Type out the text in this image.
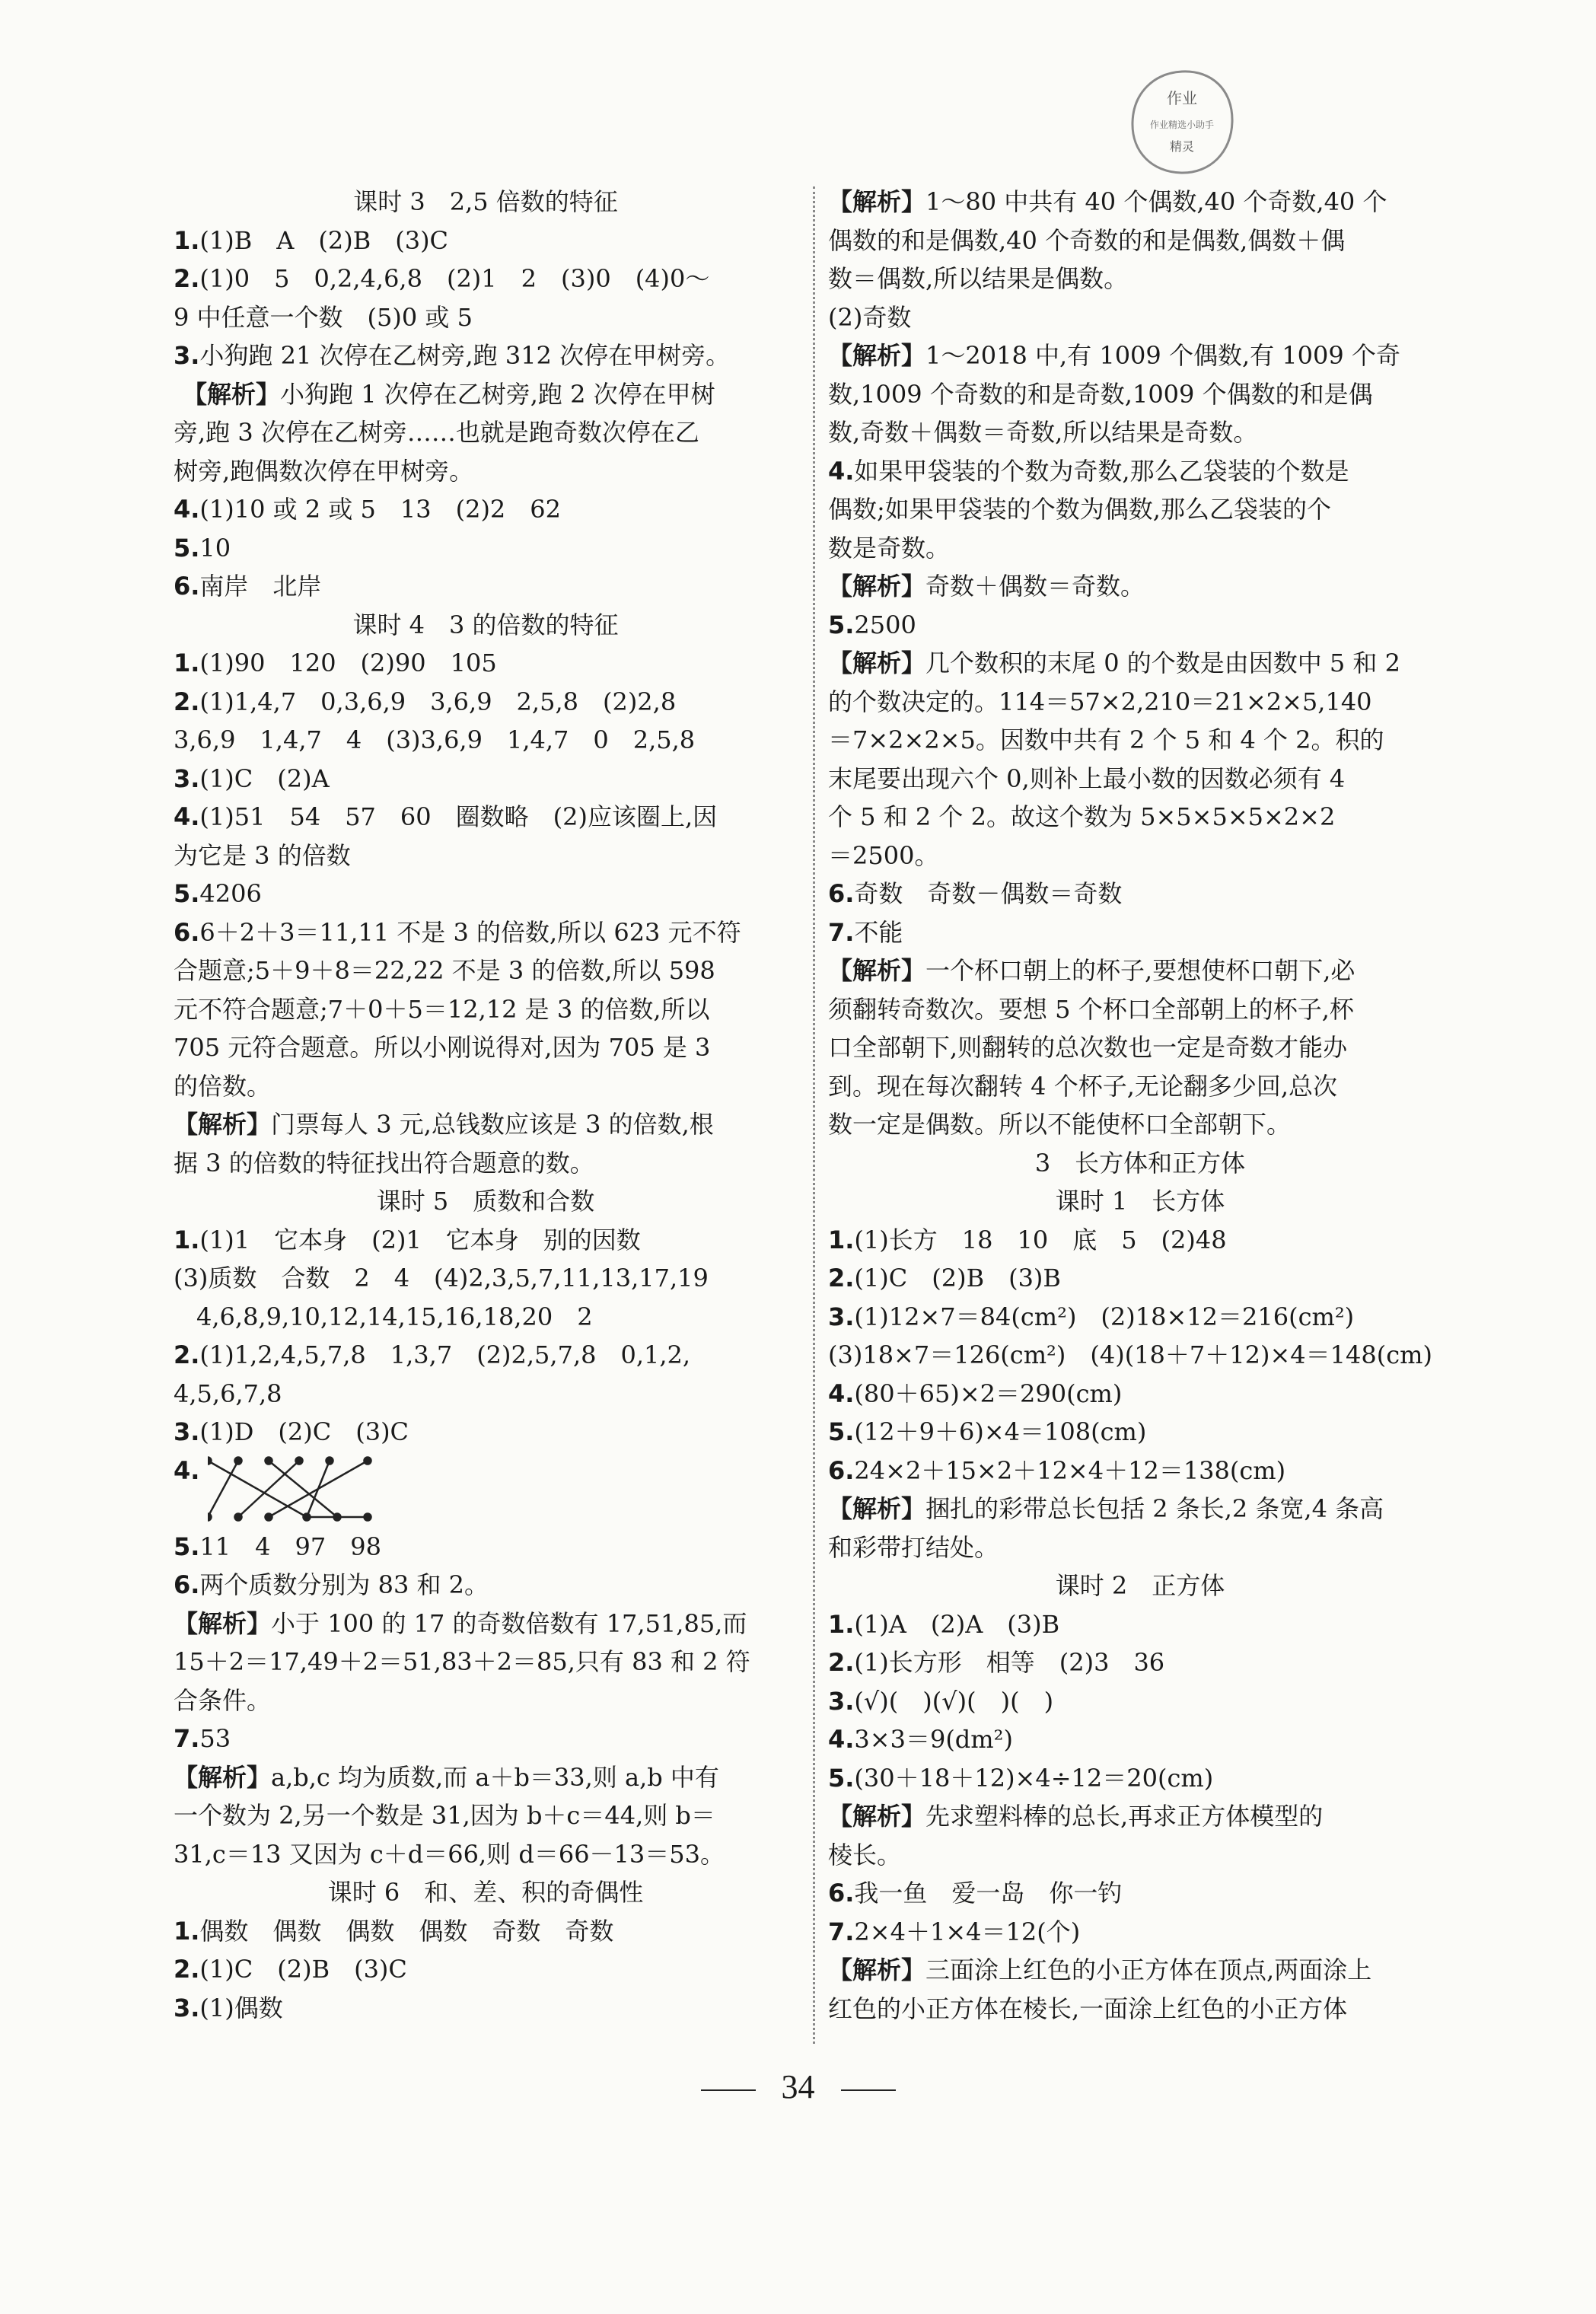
作业
作业精选小助手
精灵
课时 3　2,5 倍数的特征
1.(1)B　A　(2)B　(3)C
2.(1)0　5　0,2,4,6,8　(2)1　2　(3)0　(4)0～
9 中任意一个数　(5)0 或 5
3.小狗跑 21 次停在乙树旁,跑 312 次停在甲树旁。
【解析】小狗跑 1 次停在乙树旁,跑 2 次停在甲树
旁,跑 3 次停在乙树旁……也就是跑奇数次停在乙
树旁,跑偶数次停在甲树旁。
4.(1)10 或 2 或 5　13　(2)2　62
5.10
6.南岸　北岸
课时 4　3 的倍数的特征
1.(1)90　120　(2)90　105
2.(1)1,4,7　0,3,6,9　3,6,9　2,5,8　(2)2,8
3,6,9　1,4,7　4　(3)3,6,9　1,4,7　0　2,5,8
3.(1)C　(2)A
4.(1)51　54　57　60　圈数略　(2)应该圈上,因
为它是 3 的倍数
5.4206
6.6＋2＋3＝11,11 不是 3 的倍数,所以 623 元不符
合题意;5＋9＋8＝22,22 不是 3 的倍数,所以 598
元不符合题意;7＋0＋5＝12,12 是 3 的倍数,所以
705 元符合题意。所以小刚说得对,因为 705 是 3
的倍数。
【解析】门票每人 3 元,总钱数应该是 3 的倍数,根
据 3 的倍数的特征找出符合题意的数。
课时 5　质数和合数
1.(1)1　它本身　(2)1　它本身　别的因数
(3)质数　合数　2　4　(4)2,3,5,7,11,13,17,19
4,6,8,9,10,12,14,15,16,18,20　2
2.(1)1,2,4,5,7,8　1,3,7　(2)2,5,7,8　0,1,2,
4,5,6,7,8
3.(1)D　(2)C　(3)C
4.
5.11　4　97　98
6.两个质数分别为 83 和 2。
【解析】小于 100 的 17 的奇数倍数有 17,51,85,而
15＋2＝17,49＋2＝51,83＋2＝85,只有 83 和 2 符
合条件。
7.53
【解析】a,b,c 均为质数,而 a＋b＝33,则 a,b 中有
一个数为 2,另一个数是 31,因为 b＋c＝44,则 b＝
31,c＝13 又因为 c＋d＝66,则 d＝66－13＝53。
课时 6　和、差、积的奇偶性
1.偶数　偶数　偶数　偶数　奇数　奇数
2.(1)C　(2)B　(3)C
3.(1)偶数
【解析】1～80 中共有 40 个偶数,40 个奇数,40 个
偶数的和是偶数,40 个奇数的和是偶数,偶数＋偶
数＝偶数,所以结果是偶数。
(2)奇数
【解析】1～2018 中,有 1009 个偶数,有 1009 个奇
数,1009 个奇数的和是奇数,1009 个偶数的和是偶
数,奇数＋偶数＝奇数,所以结果是奇数。
4.如果甲袋装的个数为奇数,那么乙袋装的个数是
偶数;如果甲袋装的个数为偶数,那么乙袋装的个
数是奇数。
【解析】奇数＋偶数＝奇数。
5.2500
【解析】几个数积的末尾 0 的个数是由因数中 5 和 2
的个数决定的。114＝57×2,210＝21×2×5,140
＝7×2×2×5。因数中共有 2 个 5 和 4 个 2。积的
末尾要出现六个 0,则补上最小数的因数必须有 4
个 5 和 2 个 2。故这个数为 5×5×5×5×2×2
＝2500。
6.奇数　奇数－偶数＝奇数
7.不能
【解析】一个杯口朝上的杯子,要想使杯口朝下,必
须翻转奇数次。要想 5 个杯口全部朝上的杯子,杯
口全部朝下,则翻转的总次数也一定是奇数才能办
到。现在每次翻转 4 个杯子,无论翻多少回,总次
数一定是偶数。所以不能使杯口全部朝下。
3　长方体和正方体
课时 1　长方体
1.(1)长方　18　10　底　5　(2)48
2.(1)C　(2)B　(3)B
3.(1)12×7＝84(cm²)　(2)18×12＝216(cm²)
(3)18×7＝126(cm²)　(4)(18＋7＋12)×4＝148(cm)
4.(80＋65)×2＝290(cm)
5.(12＋9＋6)×4＝108(cm)
6.24×2＋15×2＋12×4＋12＝138(cm)
【解析】捆扎的彩带总长包括 2 条长,2 条宽,4 条高
和彩带打结处。
课时 2　正方体
1.(1)A　(2)A　(3)B
2.(1)长方形　相等　(2)3　36
3.(√)(　)(√)(　)(　)
4.3×3＝9(dm²)
5.(30＋18＋12)×4÷12＝20(cm)
【解析】先求塑料棒的总长,再求正方体模型的
棱长。
6.我一鱼　爱一岛　你一钓
7.2×4＋1×4＝12(个)
【解析】三面涂上红色的小正方体在顶点,两面涂上
红色的小正方体在棱长,一面涂上红色的小正方体
34
